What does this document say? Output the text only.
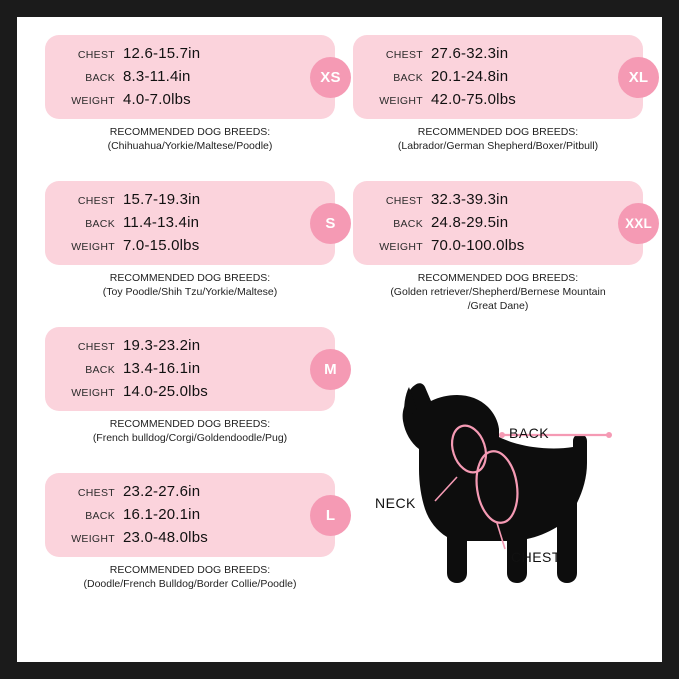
CHEST 12.6-15.7in
BACK 8.3-11.4in
WEIGHT 4.0-7.0lbs
XS
RECOMMENDED DOG BREEDS:
(Chihuahua/Yorkie/Maltese/Poodle)
CHEST 15.7-19.3in
BACK 11.4-13.4in
WEIGHT 7.0-15.0lbs
S
RECOMMENDED DOG BREEDS:
(Toy Poodle/Shih Tzu/Yorkie/Maltese)
CHEST 19.3-23.2in
BACK 13.4-16.1in
WEIGHT 14.0-25.0lbs
M
RECOMMENDED DOG BREEDS:
(French bulldog/Corgi/Goldendoodle/Pug)
CHEST 23.2-27.6in
BACK 16.1-20.1in
WEIGHT 23.0-48.0lbs
L
RECOMMENDED DOG BREEDS:
(Doodle/French Bulldog/Border Collie/Poodle)
CHEST 27.6-32.3in
BACK 20.1-24.8in
WEIGHT 42.0-75.0lbs
XL
RECOMMENDED DOG BREEDS:
(Labrador/German Shepherd/Boxer/Pitbull)
CHEST 32.3-39.3in
BACK 24.8-29.5in
WEIGHT 70.0-100.0lbs
XXL
RECOMMENDED DOG BREEDS:
(Golden retriever/Shepherd/Bernese Mountain
/Great Dane)
BACK
NECK
CHEST
